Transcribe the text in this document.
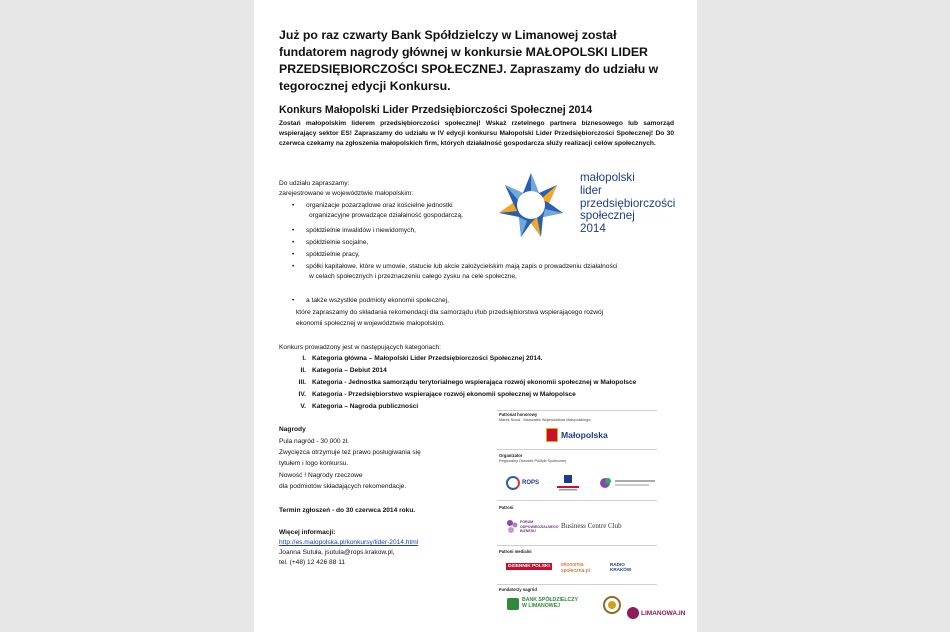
Już po raz czwarty Bank Spółdzielczy w Limanowej został fundatorem nagrody głównej w konkursie MAŁOPOLSKI LIDER PRZEDSIĘBIORCZOŚCI SPOŁECZNEJ. Zapraszamy do udziału w tegorocznej edycji Konkursu.
Konkurs Małopolski Lider Przedsiębiorczości Społecznej 2014
Zostań małopolskim liderem przedsiębiorczości społecznej! Wskaż rzetelnego partnera biznesowego lub samorząd wspierający sektor ES! Zapraszamy do udziału w IV edycji konkursu Małopolski Lider Przedsiębiorczości Społecznej! Do 30 czerwca czekamy na zgłoszenia małopolskich firm, których działalność gospodarcza służy realizacji celów społecznych.
Do udziału zapraszamy:
zarejestrowane w województwie małopolskim:
• organizacje pozarządowe oraz kościelne jednostki
organizacyjne prowadzące działalność gospodarczą,
• spółdzielnie inwalidów i niewidomych,
• spółdzielnie socjalne,
• spółdzielnie pracy,
• spółki kapitałowe, które w umowie, statucie lub akcie założycielskim mają zapis o prowadzeniu działalności
w celach społecznych i przeznaczeniu całego zysku na cele społeczne,
• a także wszystkie podmioty ekonomii społecznej,
które zapraszamy do składania rekomendacji dla samorządu i/lub przedsiębiorstwa wspierającego rozwój
ekonomii społecznej w województwie małopolskim.
małopolski
lider
przedsiębiorczości
społecznej
2014
Konkurs prowadzony jest w następujących kategoriach:
I. Kategoria główna – Małopolski Lider Przedsiębiorczości Społecznej 2014.
II. Kategoria – Debiut 2014
III. Kategoria - Jednostka samorządu terytorialnego wspierająca rozwój ekonomii społecznej w Małopolsce
IV. Kategoria - Przedsiębiorstwo wspierające rozwój ekonomii społecznej w Małopolsce
V. Kategoria – Nagroda publiczności
Nagrody
Pula nagród - 30 000 zł.
Zwycięzca otrzymuje też prawo posługiwania się
tytułem i logo konkursu.
Nowość ! Nagrody rzeczowe
dla podmiotów składających rekomendacje.
Termin zgłoszeń - do 30 czerwca 2014 roku.
Więcej informacji:
http://es.malopolska.pl/konkursy/lider-2014.html
Joanna Sutuła, jsutula@rops.krakow.pl,
tel. (+48) 12 426 88 11
Patronat honorowy
Marek Sowa - Marszałek Województwa Małopolskiego
Małopolska
Organizator
Regionalny Ośrodek Polityki Społecznej
ROPS
Patroni
FORUM ODPOWIEDZIALNEGO BIZNESU
Business Centre Club
Patroni medialni
DZIENNIK POLSKI	ekonomia społeczna.pl
RADIO KRAKÓW
Fundatorzy nagród
BANK SPÓŁDZIELCZY
W LIMANOWEJ
LIMANOWA.IN
